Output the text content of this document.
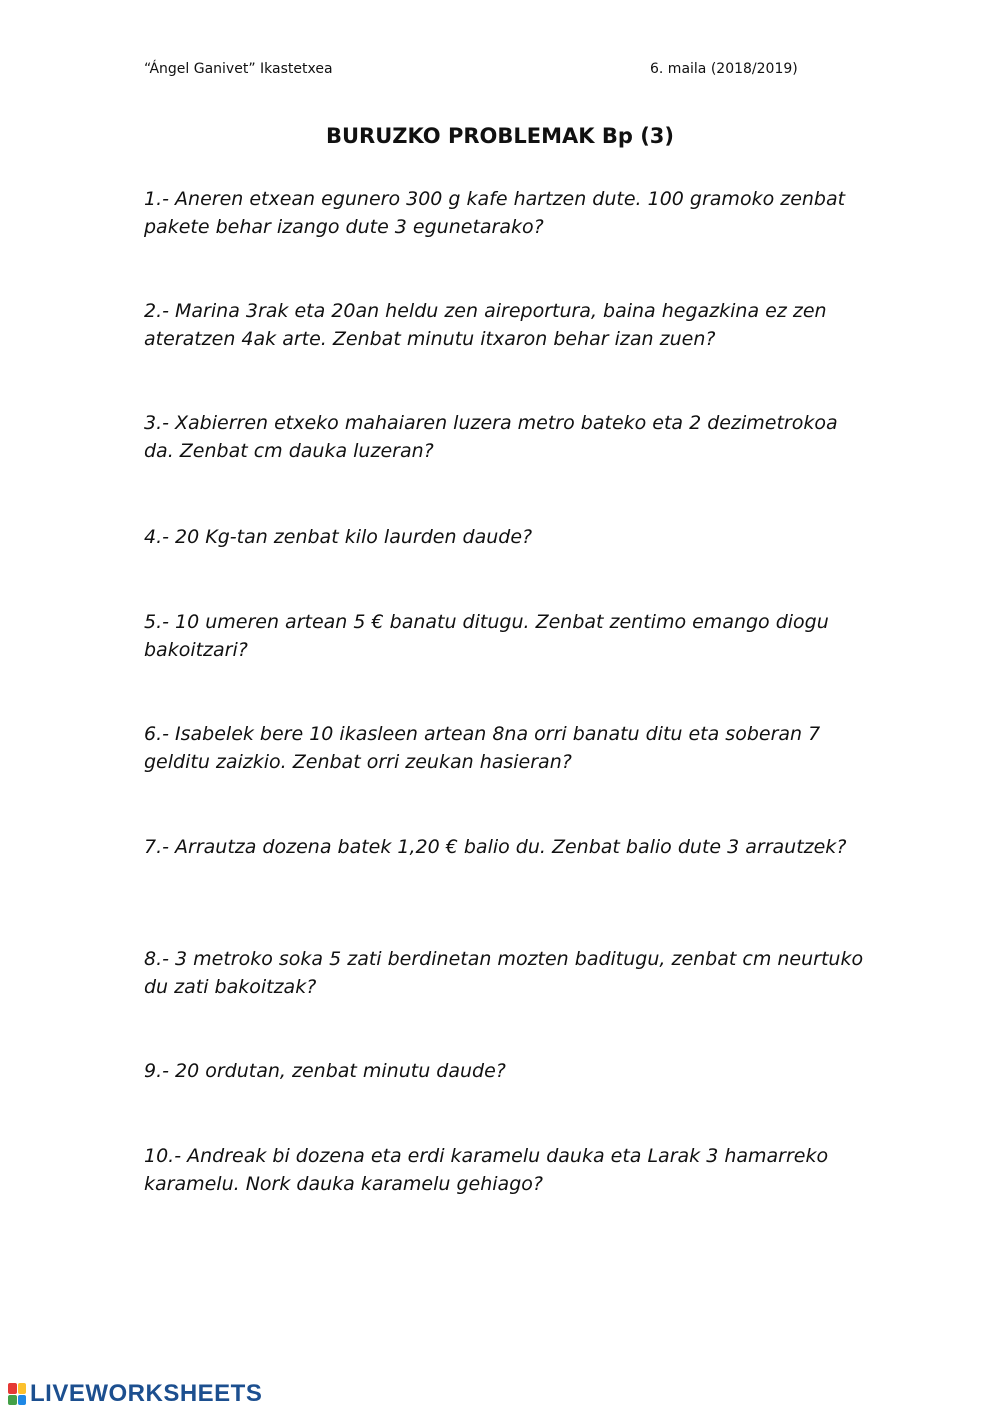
“Ángel Ganivet” Ikastetxea	6. maila (2018/2019)
BURUZKO PROBLEMAK Bp (3)
1.- Aneren etxean egunero 300 g kafe hartzen dute. 100 gramoko zenbat
pakete behar izango dute 3 egunetarako?
2.- Marina 3rak eta 20an heldu zen aireportura, baina hegazkina ez zen
ateratzen 4ak arte. Zenbat minutu itxaron behar izan zuen?
3.- Xabierren etxeko mahaiaren luzera metro bateko eta 2 dezimetrokoa
da. Zenbat cm dauka luzeran?
4.- 20 Kg-tan zenbat kilo laurden daude?
5.- 10 umeren artean 5 € banatu ditugu. Zenbat zentimo emango diogu
bakoitzari?
6.- Isabelek bere 10 ikasleen artean 8na orri banatu ditu eta soberan 7
gelditu zaizkio. Zenbat orri zeukan hasieran?
7.- Arrautza dozena batek 1,20 € balio du. Zenbat balio dute 3 arrautzek?
8.- 3 metroko soka 5 zati berdinetan mozten baditugu, zenbat cm neurtuko
du zati bakoitzak?
9.- 20 ordutan, zenbat minutu daude?
10.- Andreak bi dozena eta erdi karamelu dauka eta Larak 3 hamarreko
karamelu. Nork dauka karamelu gehiago?
LIVEWORKSHEETS
